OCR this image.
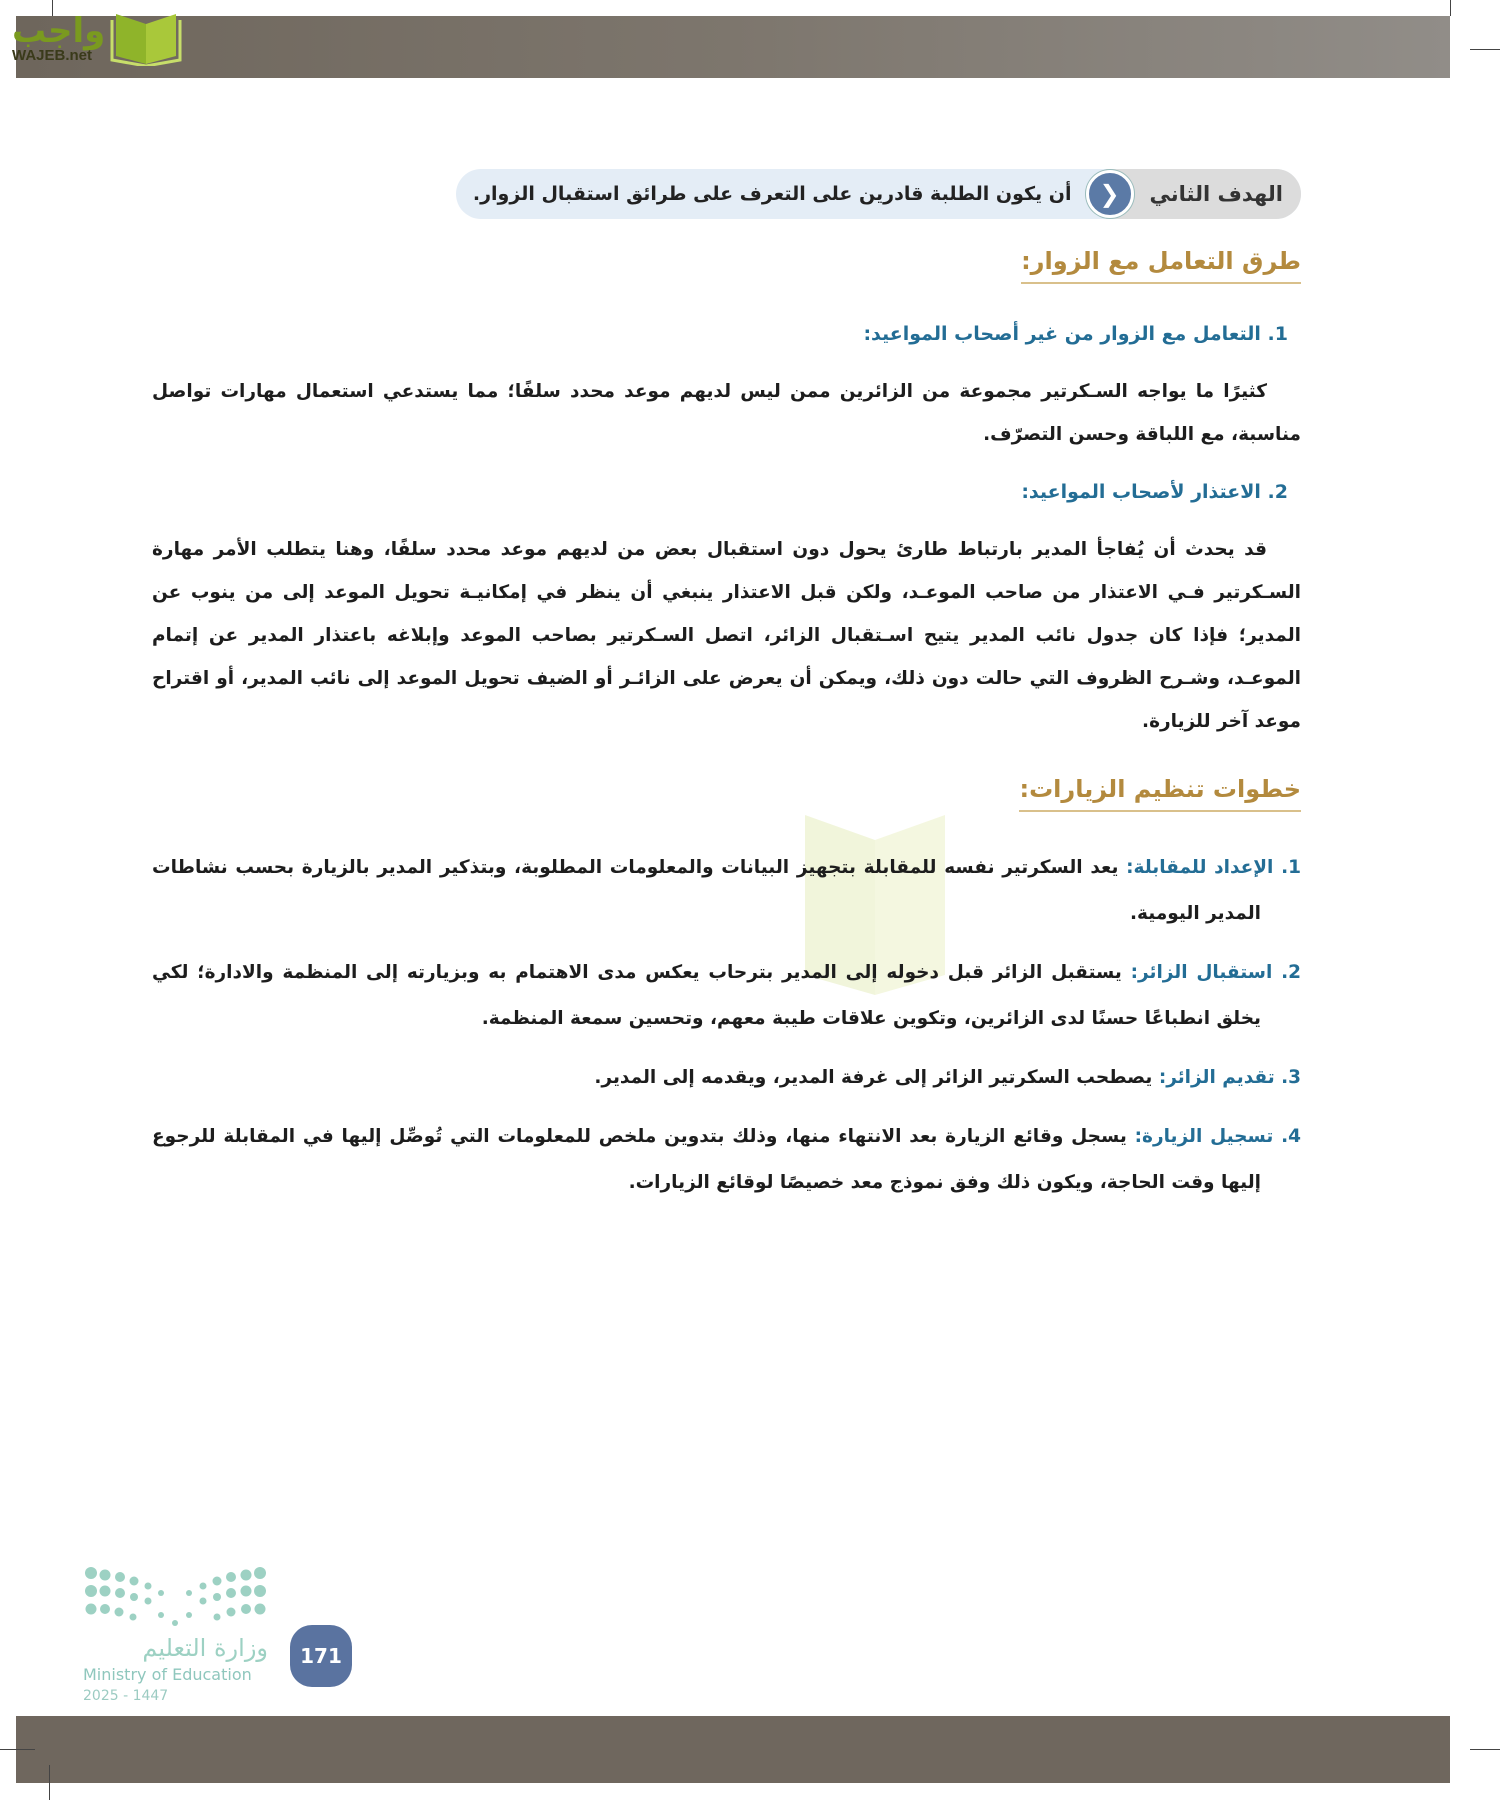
واجب
WAJEB.net
الهدف الثاني
❮
أن يكون الطلبة قادرين على التعرف على طرائق استقبال الزوار.
طرق التعامل مع الزوار:
1. التعامل مع الزوار من غير أصحاب المواعيد:
كثيرًا ما يواجه السـكرتير مجموعة من الزائرين ممن ليس لديهم موعد محدد سلفًا؛ مما يستدعي استعمال مهارات تواصل مناسبة، مع اللباقة وحسن التصرّف.
2. الاعتذار لأصحاب المواعيد:
قد يحدث أن يُفاجأ المدير بارتباط طارئ يحول دون استقبال بعض من لديهم موعد محدد سلفًا، وهنا يتطلب الأمر مهارة السـكرتير فـي الاعتذار من صاحب الموعـد، ولكن قبل الاعتذار ينبغي أن ينظر في إمكانيـة تحويل الموعد إلى من ينوب عن المدير؛ فإذا كان جدول نائب المدير يتيح اسـتقبال الزائر، اتصل السـكرتير بصاحب الموعد وإبلاغه باعتذار المدير عن إتمام الموعـد، وشـرح الظروف التي حالت دون ذلك، ويمكن أن يعرض على الزائـر أو الضيف تحويل الموعد إلى نائب المدير، أو اقتراح موعد آخر للزيارة.
خطوات تنظيم الزيارات:
1. الإعداد للمقابلة: يعد السكرتير نفسه للمقابلة بتجهيز البيانات والمعلومات المطلوبة، وبتذكير المدير بالزيارة بحسب نشاطات المدير اليومية.
2. استقبال الزائر: يستقبل الزائر قبل دخوله إلى المدير بترحاب يعكس مدى الاهتمام به وبزيارته إلى المنظمة والادارة؛ لكي يخلق انطباعًا حسنًا لدى الزائرين، وتكوين علاقات طيبة معهم، وتحسين سمعة المنظمة.
3. تقديم الزائر: يصطحب السكرتير الزائر إلى غرفة المدير، ويقدمه إلى المدير.
4. تسجيل الزيارة: يسجل وقائع الزيارة بعد الانتهاء منها، وذلك بتدوين ملخص للمعلومات التي تُوصِّل إليها في المقابلة للرجوع إليها وقت الحاجة، ويكون ذلك وفق نموذج معد خصيصًا لوقائع الزيارات.
وزارة التعليم
Ministry of Education
2025 - 1447
171
